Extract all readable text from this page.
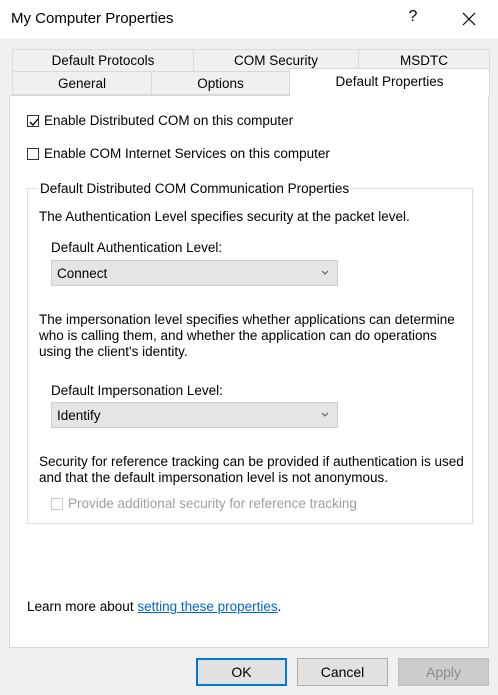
My Computer Properties	?
Default Protocols	COM Security	MSDTC
General	Options	Default Properties
Enable Distributed COM on this computer
Enable COM Internet Services on this computer
Default Distributed COM Communication Properties
The Authentication Level specifies security at the packet level.
Default Authentication Level:
Connect
The impersonation level specifies whether applications can determine
who is calling them, and whether the application can do operations
using the client's identity.
Default Impersonation Level:
Identify
Security for reference tracking can be provided if authentication is used
and that the default impersonation level is not anonymous.
Provide additional security for reference tracking
Learn more about setting these properties.
OK	Cancel	Apply
